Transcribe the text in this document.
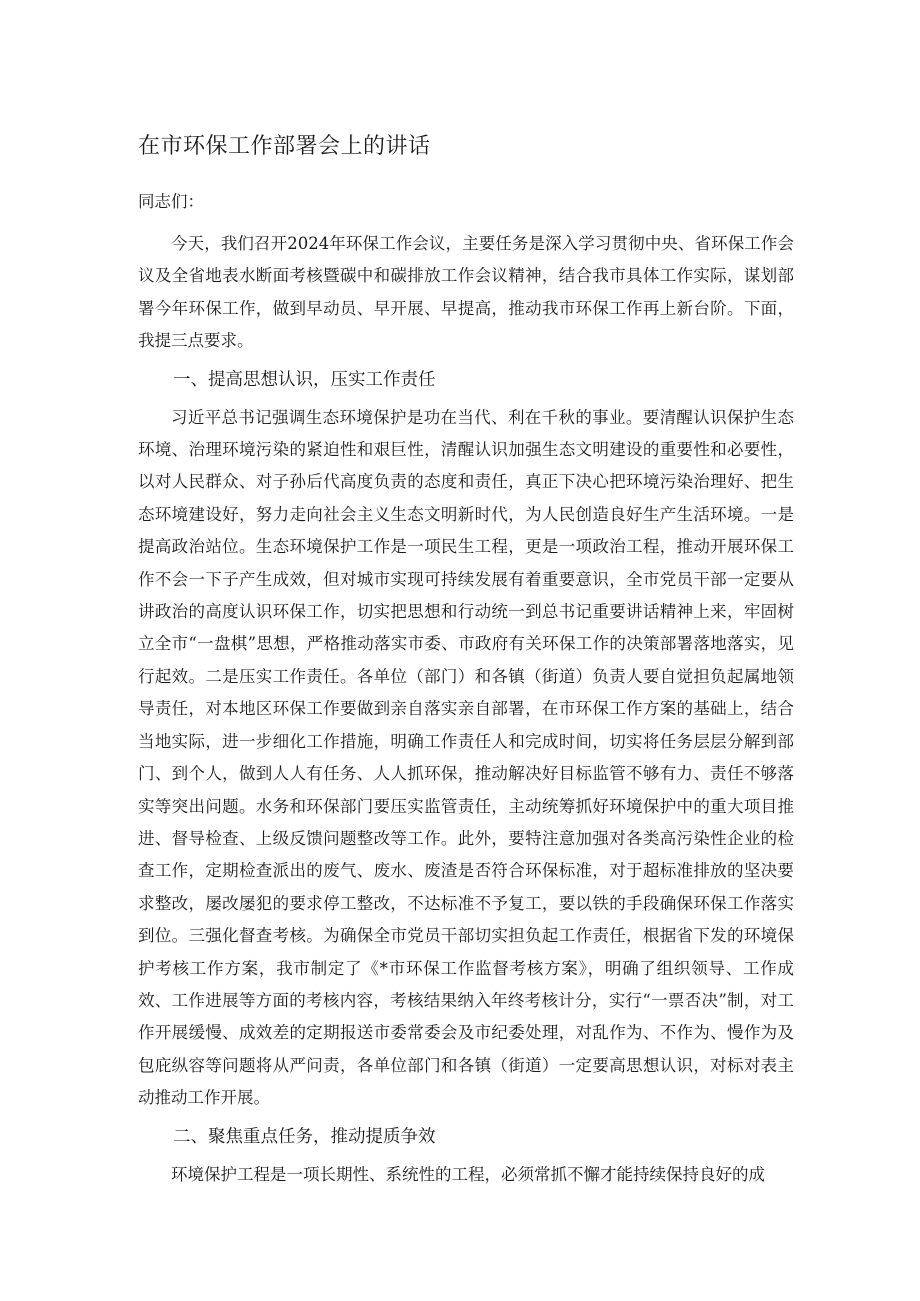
在市环保工作部署会上的讲话

同志们：

今天，我们召开2024年环保工作会议，主要任务是深入学习贯彻中央、省环保工作会议及全省地表水断面考核暨碳中和碳排放工作会议精神，结合我市具体工作实际，谋划部署今年环保工作，做到早动员、早开展、早提高，推动我市环保工作再上新台阶。下面，我提三点要求。

一、提高思想认识，压实工作责任

习近平总书记强调生态环境保护是功在当代、利在千秋的事业。要清醒认识保护生态环境、治理环境污染的紧迫性和艰巨性，清醒认识加强生态文明建设的重要性和必要性，以对人民群众、对子孙后代高度负责的态度和责任，真正下决心把环境污染治理好、把生态环境建设好，努力走向社会主义生态文明新时代，为人民创造良好生产生活环境。一是提高政治站位。生态环境保护工作是一项民生工程，更是一项政治工程，推动开展环保工作不会一下子产生成效，但对城市实现可持续发展有着重要意识，全市党员干部一定要从讲政治的高度认识环保工作，切实把思想和行动统一到总书记重要讲话精神上来，牢固树立全市“一盘棋”思想，严格推动落实市委、市政府有关环保工作的决策部署落地落实，见行起效。二是压实工作责任。各单位（部门）和各镇（街道）负责人要自觉担负起属地领导责任，对本地区环保工作要做到亲自落实亲自部署，在市环保工作方案的基础上，结合当地实际，进一步细化工作措施，明确工作责任人和完成时间，切实将任务层层分解到部门、到个人，做到人人有任务、人人抓环保，推动解决好目标监管不够有力、责任不够落实等突出问题。水务和环保部门要压实监管责任，主动统筹抓好环境保护中的重大项目推进、督导检查、上级反馈问题整改等工作。此外，要特注意加强对各类高污染性企业的检查工作，定期检查派出的废气、废水、废渣是否符合环保标准，对于超标准排放的坚决要求整改，屡改屡犯的要求停工整改，不达标准不予复工，要以铁的手段确保环保工作落实到位。三强化督查考核。为确保全市党员干部切实担负起工作责任，根据省下发的环境保护考核工作方案，我市制定了《*市环保工作监督考核方案》，明确了组织领导、工作成效、工作进展等方面的考核内容，考核结果纳入年终考核计分，实行“一票否决”制，对工作开展缓慢、成效差的定期报送市委常委会及市纪委处理，对乱作为、不作为、慢作为及包庇纵容等问题将从严问责，各单位部门和各镇（街道）一定要高思想认识，对标对表主动推动工作开展。

二、聚焦重点任务，推动提质争效

环境保护工程是一项长期性、系统性的工程，必须常抓不懈才能持续保持良好的成
